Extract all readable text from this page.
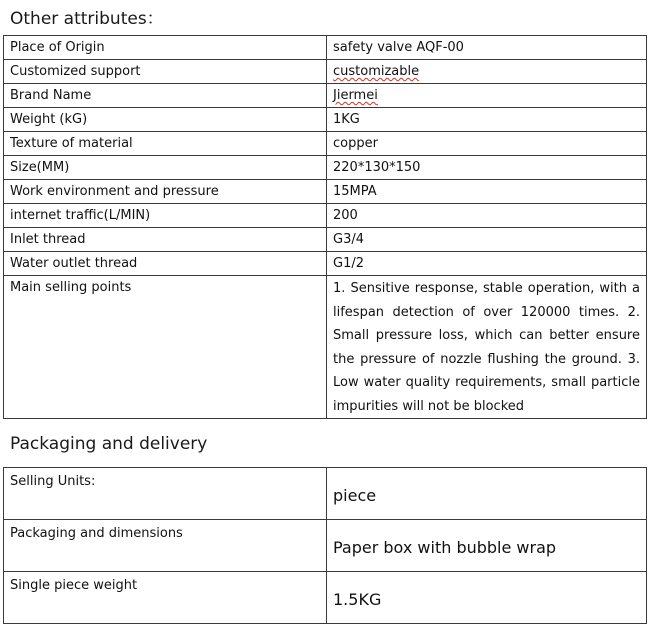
Other attributes：
Place of Origin	safety valve AQF-00
Customized support	customizable
Brand Name	Jiermei
Weight (kG)	1KG
Texture of material	copper
Size(MM)	220*130*150
Work environment and pressure	15MPA
internet traffic(L/MIN)	200
Inlet thread	G3/4
Water outlet thread	G1/2
Main selling points	1. Sensitive response, stable operation, with a lifespan detection of over 120000 times. 2. Small pressure loss, which can better ensure the pressure of nozzle flushing the ground. 3. Low water quality requirements, small particle impurities will not be blocked
Packaging and delivery
Selling Units:	piece
Packaging and dimensions	Paper box with bubble wrap
Single piece weight	1.5KG
